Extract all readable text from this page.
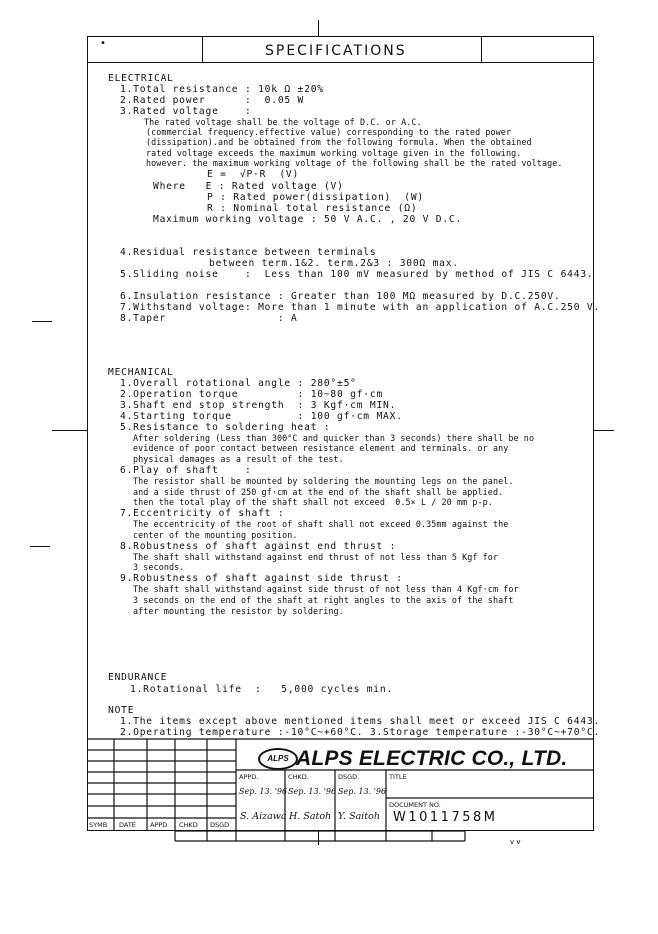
•	SPECIFICATIONS
ELECTRICAL
1.Total resistance : 10k Ω ±20%
2.Rated power      :  0.05 W
3.Rated voltage    :
The rated voltage shall be the voltage of D.C. or A.C.
(commercial frequency.effective value) corresponding to the rated power
(dissipation).and be obtained from the following formula. When the obtained
rated voltage exceeds the maximum working voltage given in the following.
however. the maximum working voltage of the following shall be the rated voltage.
E =  √P·R  (V)
Where   E : Rated voltage (V)
P : Rated power(dissipation)  (W)
R : Nominal total resistance (Ω)
Maximum working voltage : 50 V A.C. , 20 V D.C.
4.Residual resistance between terminals
between term.1&2. term.2&3 : 300Ω max.
5.Sliding noise    :  Less than 100 mV measured by method of JIS C 6443.
6.Insulation resistance : Greater than 100 MΩ measured by D.C.250V.
7.Withstand voltage: More than 1 minute with an application of A.C.250 V.
8.Taper                 : A
MECHANICAL
1.Overall rotational angle : 280°±5°
2.Operation torque         : 10~80 gf·cm
3.Shaft end stop strength  : 3 Kgf·cm MIN.
4.Starting torque          : 100 gf·cm MAX.
5.Resistance to soldering heat :
After soldering (Less than 300°C and quicker than 3 seconds) there shall be no
evidence of poor contact between resistance element and terminals. or any
physical damages as a result of the test.
6.Play of shaft    :
The resistor shall be mounted by soldering the mounting legs on the panel.
and a side thrust of 250 gf·cm at the end of the shaft shall be applied.
then the total play of the shaft shall not exceed  0.5× L / 20 mm p-p.
7.Eccentricity of shaft :
The eccentricity of the root of shaft shall not exceed 0.35mm against the
center of the mounting position.
8.Robustness of shaft against end thrust :
The shaft shall withstand against end thrust of not less than 5 Kgf for
3 seconds.
9.Robustness of shaft against side thrust :
The shaft shall withstand against side thrust of not less than 4 Kgf·cm for
3 seconds on the end of the shaft at right angles to the axis of the shaft
after mounting the resistor by soldering.
ENDURANCE
1.Rotational life  :   5,000 cycles min.
NOTE
1.The items except above mentioned items shall meet or exceed JIS C 6443.
2.Operating temperature :-10°C~+60°C. 3.Storage temperature :-30°C~+70°C.
ALPS ALPS ELECTRIC CO., LTD.
APPD.	CHKD.	DSGD.	TITLE
Sep. 13. '96 Sep. 13. '96 Sep. 13. '96
S. Aizawa H. Satoh Y. Saitoh
DOCUMENT NO.
W1011758M
SYMB DATE APPD CHKD DSGD
v v
